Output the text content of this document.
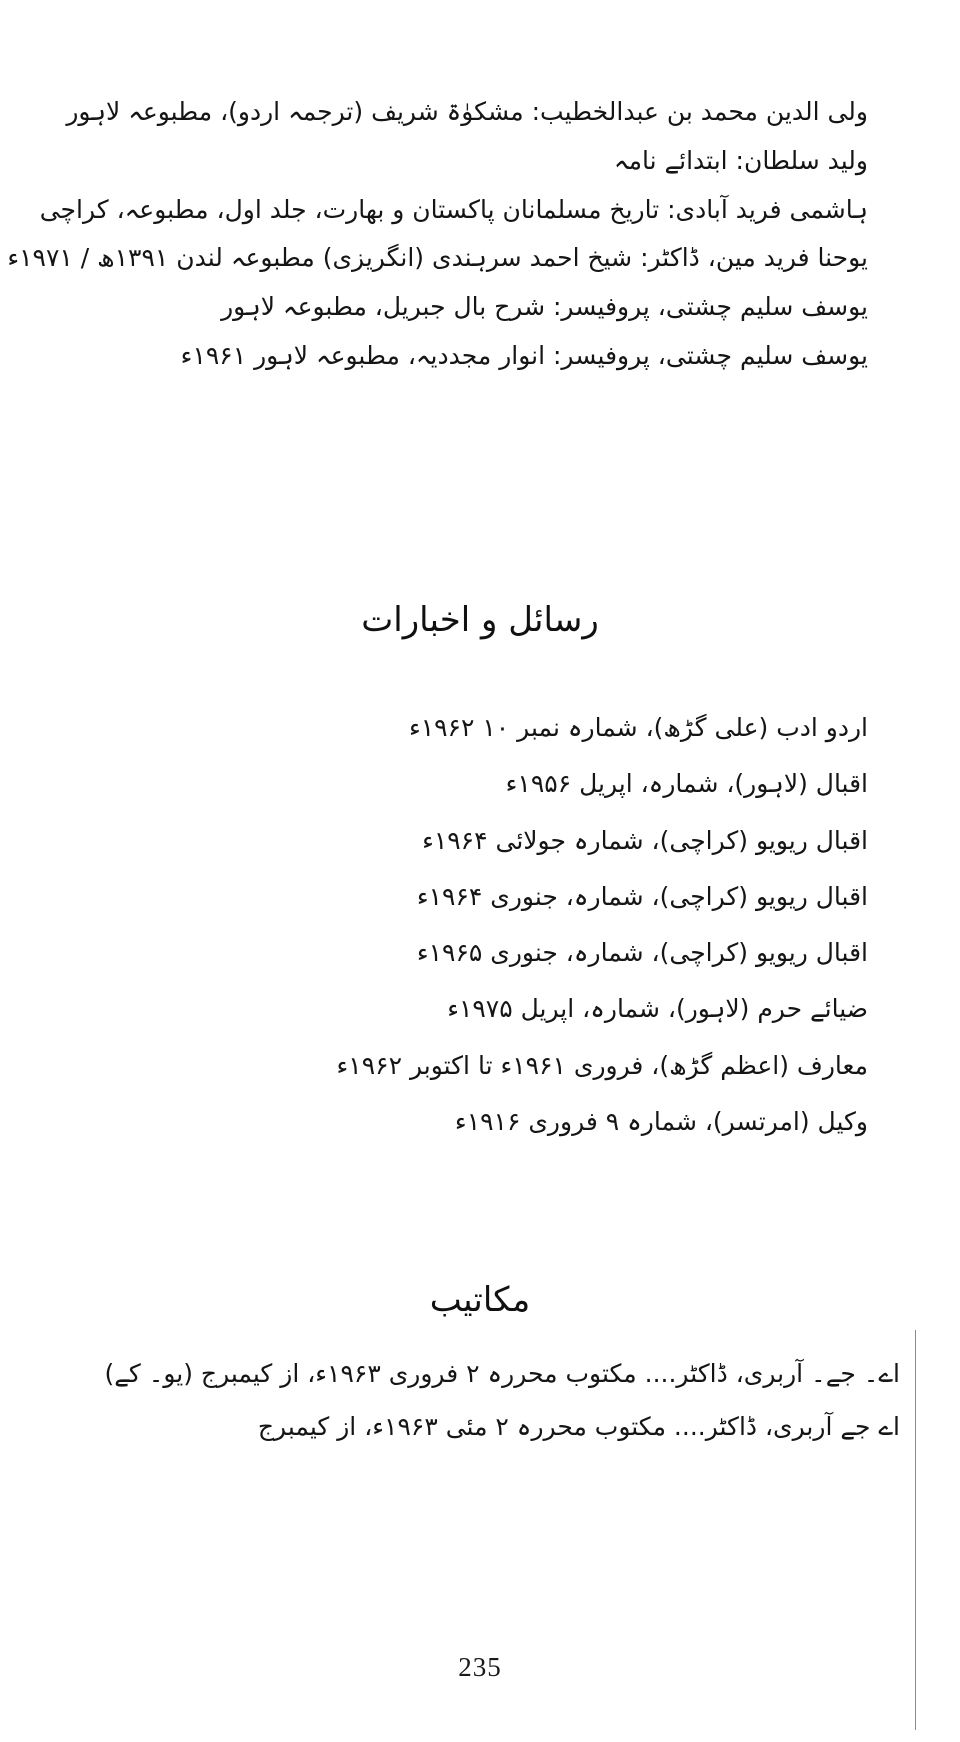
ولی الدین محمد بن عبدالخطیب: مشکوٰۃ شریف (ترجمہ اردو)، مطبوعہ لاہور
ولید سلطان: ابتدائے نامہ
ہاشمی فرید آبادی: تاریخ مسلمانان پاکستان و بھارت، جلد اول، مطبوعہ، کراچی
یوحنا فرید مین، ڈاکٹر: شیخ احمد سرہندی (انگریزی) مطبوعہ لندن ۱۳۹۱ھ / ۱۹۷۱ء
یوسف سلیم چشتی، پروفیسر: شرح بال جبریل، مطبوعہ لاہور
یوسف سلیم چشتی، پروفیسر: انوار مجددیہ، مطبوعہ لاہور ۱۹۶۱ء
رسائل و اخبارات
اردو ادب (علی گڑھ)، شمارہ نمبر ۱۰ ۱۹۶۲ء
اقبال (لاہور)، شمارہ، اپریل ۱۹۵۶ء
اقبال ریویو (کراچی)، شمارہ جولائی ۱۹۶۴ء
اقبال ریویو (کراچی)، شمارہ، جنوری ۱۹۶۴ء
اقبال ریویو (کراچی)، شمارہ، جنوری ۱۹۶۵ء
ضیائے حرم (لاہور)، شمارہ، اپریل ۱۹۷۵ء
معارف (اعظم گڑھ)، فروری ۱۹۶۱ء تا اکتوبر ۱۹۶۲ء
وکیل (امرتسر)، شمارہ ۹ فروری ۱۹۱۶ء
مکاتیب
اے۔ جے۔ آربری، ڈاکٹر.... مکتوب محررہ ۲ فروری ۱۹۶۳ء، از کیمبرج (یو۔ کے)
اے جے آربری، ڈاکٹر.... مکتوب محررہ ۲ مئی ۱۹۶۳ء، از کیمبرج
235
